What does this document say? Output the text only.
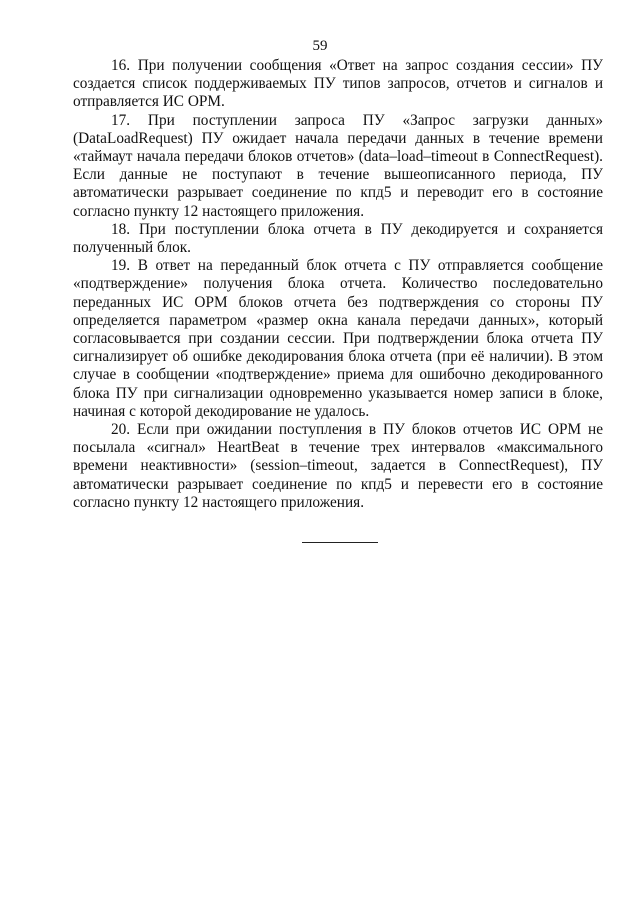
59

16. При получении сообщения «Ответ на запрос создания сессии» ПУ создается список поддерживаемых ПУ типов запросов, отчетов и сигналов и отправляется ИС ОРМ.

17. При поступлении запроса ПУ «Запрос загрузки данных» (DataLoadRequest) ПУ ожидает начала передачи данных в течение времени «таймаут начала передачи блоков отчетов» (data–load–timeout в ConnectRequest). Если данные не поступают в течение вышеописанного периода, ПУ автоматически разрывает соединение по кпд5 и переводит его в состояние согласно пункту 12 настоящего приложения.

18. При поступлении блока отчета в ПУ декодируется и сохраняется полученный блок.

19. В ответ на переданный блок отчета с ПУ отправляется сообщение «подтверждение» получения блока отчета. Количество последовательно переданных ИС ОРМ блоков отчета без подтверждения со стороны ПУ определяется параметром «размер окна канала передачи данных», который согласовывается при создании сессии. При подтверждении блока отчета ПУ сигнализирует об ошибке декодирования блока отчета (при её наличии). В этом случае в сообщении «подтверждение» приема для ошибочно декодированного блока ПУ при сигнализации одновременно указывается номер записи в блоке, начиная с которой декодирование не удалось.

20. Если при ожидании поступления в ПУ блоков отчетов ИС ОРМ не посылала «сигнал» HeartBeat в течение трех интервалов «максимального времени неактивности» (session–timeout, задается в ConnectRequest), ПУ автоматически разрывает соединение по кпд5 и перевести его в состояние согласно пункту 12 настоящего приложения.
